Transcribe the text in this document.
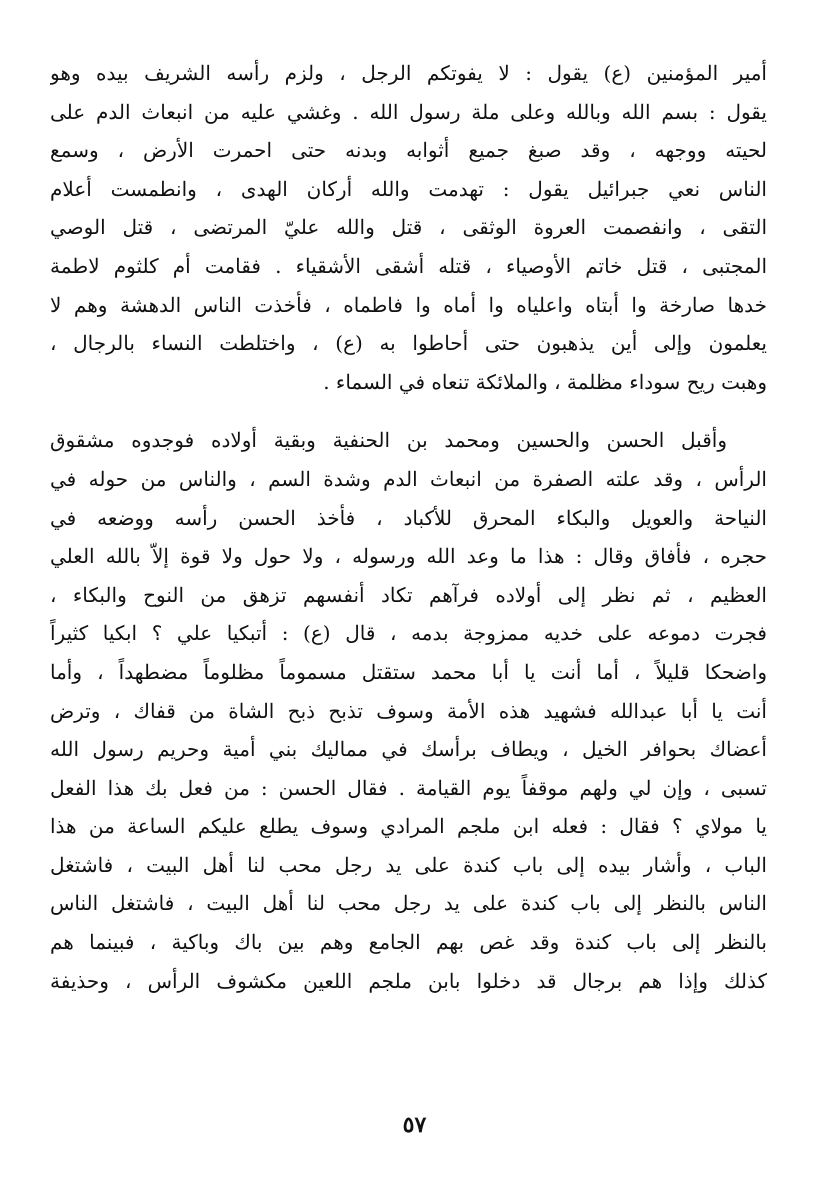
أمير المؤمنين (ع) يقول : لا يفوتكم الرجل ، ولزم رأسه الشريف بيده وهو
يقول : بسم الله وبالله وعلى ملة رسول الله . وغشي عليه من انبعاث الدم على
لحيته ووجهه ، وقد صبغ جميع أثوابه وبدنه حتى احمرت الأرض ، وسمع
الناس نعي جبرائيل يقول : تهدمت والله أركان الهدى ، وانطمست أعلام
التقى ، وانفصمت العروة الوثقى ، قتل والله عليّ المرتضى ، قتل الوصي
المجتبى ، قتل خاتم الأوصياء ، قتله أشقى الأشقياء . فقامت أم كلثوم لاطمة
خدها صارخة وا أبتاه واعلياه وا أماه وا فاطماه ، فأخذت الناس الدهشة وهم لا
يعلمون وإلى أين يذهبون حتى أحاطوا به (ع) ، واختلطت النساء بالرجال ،
وهبت ريح سوداء مظلمة ، والملائكة تنعاه في السماء .

وأقبل الحسن والحسين ومحمد بن الحنفية وبقية أولاده فوجدوه مشقوق
الرأس ، وقد علته الصفرة من انبعاث الدم وشدة السم ، والناس من حوله في
النياحة والعويل والبكاء المحرق للأكباد ، فأخذ الحسن رأسه ووضعه في
حجره ، فأفاق وقال : هذا ما وعد الله ورسوله ، ولا حول ولا قوة إلاّ بالله العلي
العظيم ، ثم نظر إلى أولاده فرآهم تكاد أنفسهم تزهق من النوح والبكاء ،
فجرت دموعه على خديه ممزوجة بدمه ، قال (ع) : أتبكيا علي ؟ ابكيا كثيراً
واضحكا قليلاً ، أما أنت يا أبا محمد ستقتل مسموماً مظلوماً مضطهداً ، وأما
أنت يا أبا عبدالله فشهيد هذه الأمة وسوف تذبح ذبح الشاة من قفاك ، وترض
أعضاك بحوافر الخيل ، ويطاف برأسك في مماليك بني أمية وحريم رسول الله
تسبى ، وإن لي ولهم موقفاً يوم القيامة . فقال الحسن : من فعل بك هذا الفعل
يا مولاي ؟ فقال : فعله ابن ملجم المرادي وسوف يطلع عليكم الساعة من هذا
الباب ، وأشار بيده إلى باب كندة على يد رجل محب لنا أهل البيت ، فاشتغل
الناس بالنظر إلى باب كندة على يد رجل محب لنا أهل البيت ، فاشتغل الناس
بالنظر إلى باب كندة وقد غص بهم الجامع وهم بين باك وباكية ، فبينما هم
كذلك وإذا هم برجال قد دخلوا بابن ملجم اللعين مكشوف الرأس ، وحذيفة

٥٧
